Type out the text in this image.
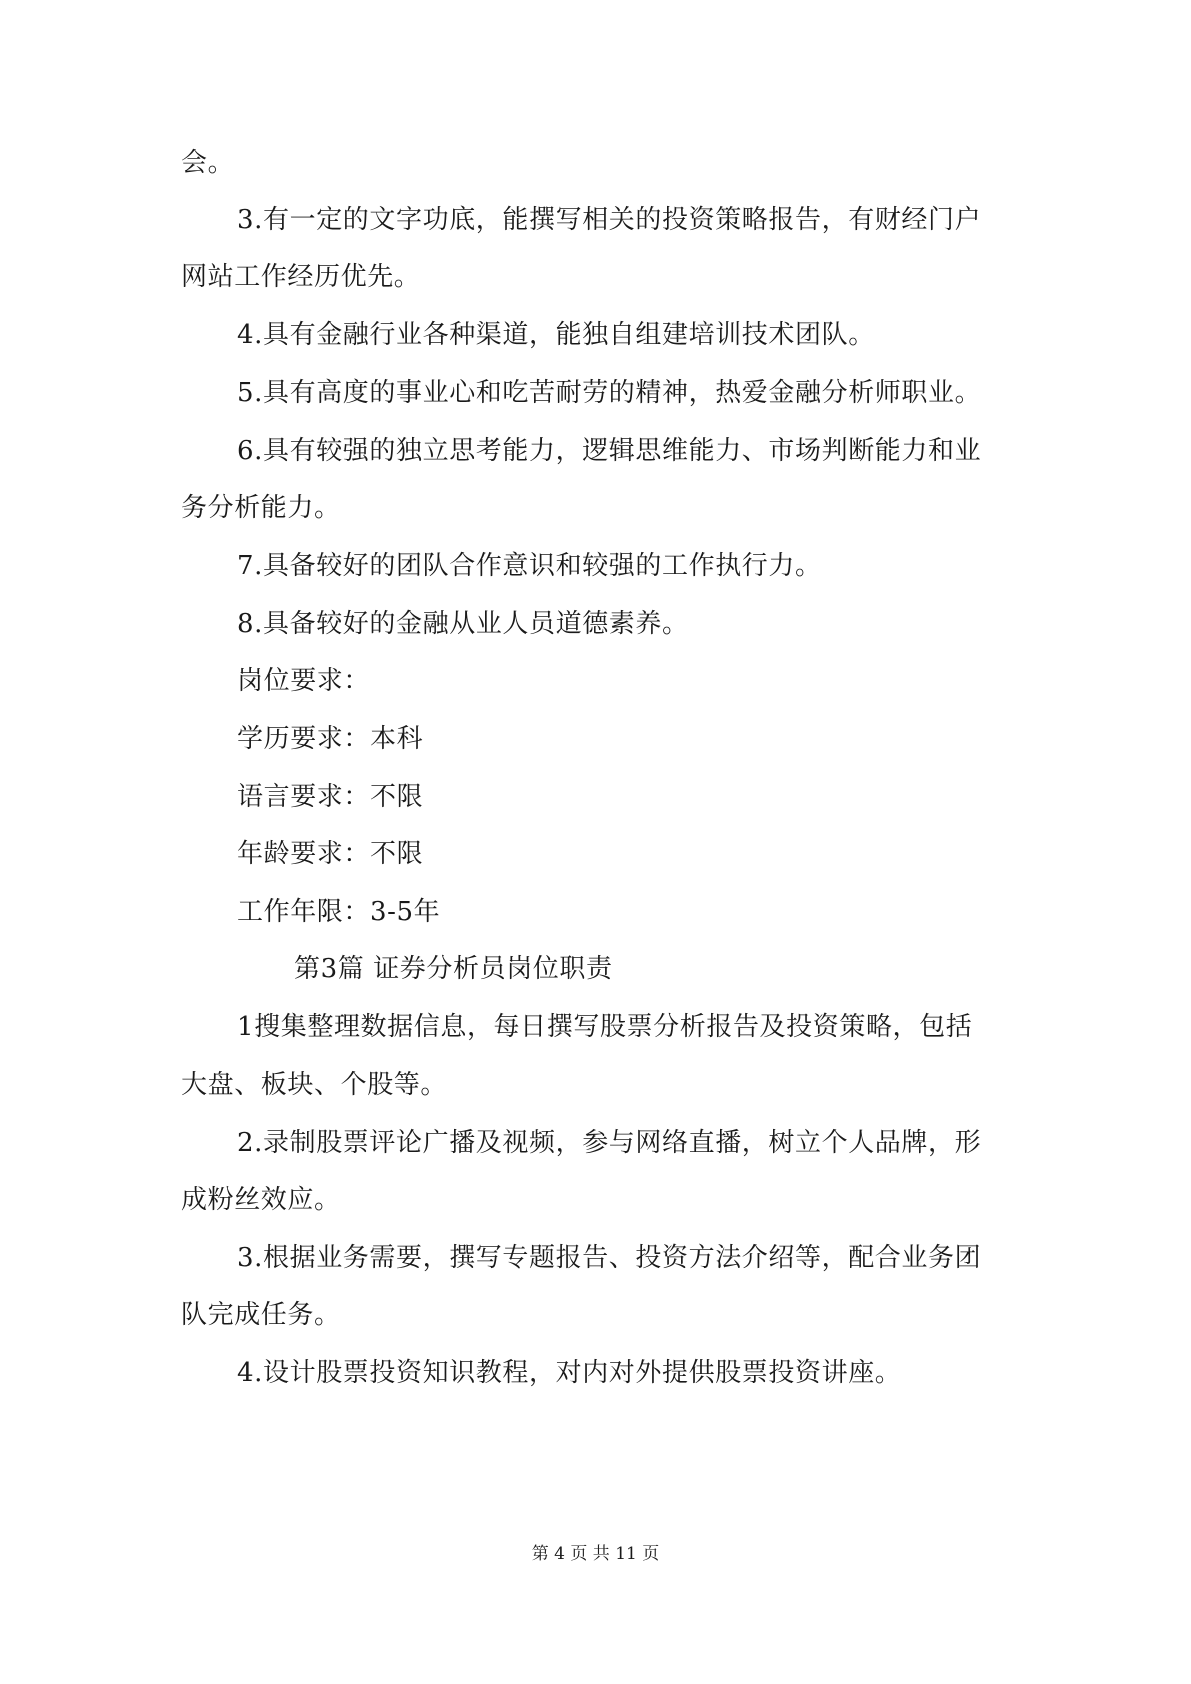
会。
3.有一定的文字功底，能撰写相关的投资策略报告，有财经门户
网站工作经历优先。
4.具有金融行业各种渠道，能独自组建培训技术团队。
5.具有高度的事业心和吃苦耐劳的精神，热爱金融分析师职业。
6.具有较强的独立思考能力，逻辑思维能力、市场判断能力和业
务分析能力。
7.具备较好的团队合作意识和较强的工作执行力。
8.具备较好的金融从业人员道德素养。
岗位要求：
学历要求：本科
语言要求：不限
年龄要求：不限
工作年限：3-5年
第3篇 证券分析员岗位职责
1搜集整理数据信息，每日撰写股票分析报告及投资策略，包括
大盘、板块、个股等。
2.录制股票评论广播及视频，参与网络直播，树立个人品牌，形
成粉丝效应。
3.根据业务需要，撰写专题报告、投资方法介绍等，配合业务团
队完成任务。
4.设计股票投资知识教程，对内对外提供股票投资讲座。
第 4 页 共 11 页
